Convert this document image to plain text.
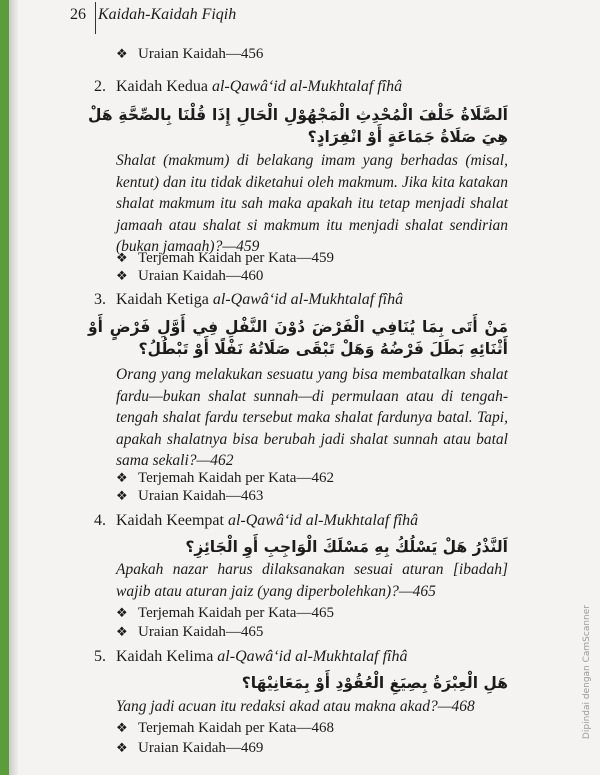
26 Kaidah-Kaidah Fiqih
❖ Uraian Kaidah—456
2. Kaidah Kedua al-Qawâ‘id al-Mukhtalaf fîhâ
اَلصَّلَاةُ خَلْفَ الْمُحْدِثِ الْمَجْهُوْلِ الْحَالِ إِذَا قُلْنَا بِالصِّحَّةِ هَلْ هِيَ صَلَاةُ جَمَاعَةٍ أَوْ انْفِرَادٍ؟
Shalat (makmum) di belakang imam yang berhadas (misal, kentut) dan itu tidak diketahui oleh makmum. Jika kita katakan shalat makmum itu sah maka apakah itu tetap menjadi shalat jamaah atau shalat si makmum itu menjadi shalat sendirian (bukan jamaah)?—459
❖ Terjemah Kaidah per Kata—459
❖ Uraian Kaidah—460
3. Kaidah Ketiga al-Qawâ‘id al-Mukhtalaf fîhâ
مَنْ أَتَى بِمَا يُنَافِي الْفَرْضَ دُوْنَ النَّفْلِ فِي أَوَّلِ فَرْضٍ أَوْ أَثْنَائِهِ بَطَلَ فَرْضُهُ وَهَلْ تَبْقَى صَلَاتُهُ نَفْلًا أَوْ تَبْطُلُ؟
Orang yang melakukan sesuatu yang bisa membatalkan shalat fardu—bukan shalat sunnah—di permulaan atau di tengah-tengah shalat fardu tersebut maka shalat fardunya batal. Tapi, apakah shalatnya bisa berubah jadi shalat sunnah atau batal sama sekali?—462
❖ Terjemah Kaidah per Kata—462
❖ Uraian Kaidah—463
4. Kaidah Keempat al-Qawâ‘id al-Mukhtalaf fîhâ
اَلنَّذْرُ هَلْ يَسْلُكُ بِهِ مَسْلَكَ الْوَاجِبِ أَوِ الْجَائِزِ؟
Apakah nazar harus dilaksanakan sesuai aturan [ibadah] wajib atau aturan jaiz (yang diperbolehkan)?—465
❖ Terjemah Kaidah per Kata—465
❖ Uraian Kaidah—465
5. Kaidah Kelima al-Qawâ‘id al-Mukhtalaf fîhâ
هَلِ الْعِبْرَةُ بِصِيَغِ الْعُقُوْدِ أَوْ بِمَعَانِيْهَا؟
Yang jadi acuan itu redaksi akad atau makna akad?—468
❖ Terjemah Kaidah per Kata—468
❖ Uraian Kaidah—469
Dipindai dengan CamScanner
